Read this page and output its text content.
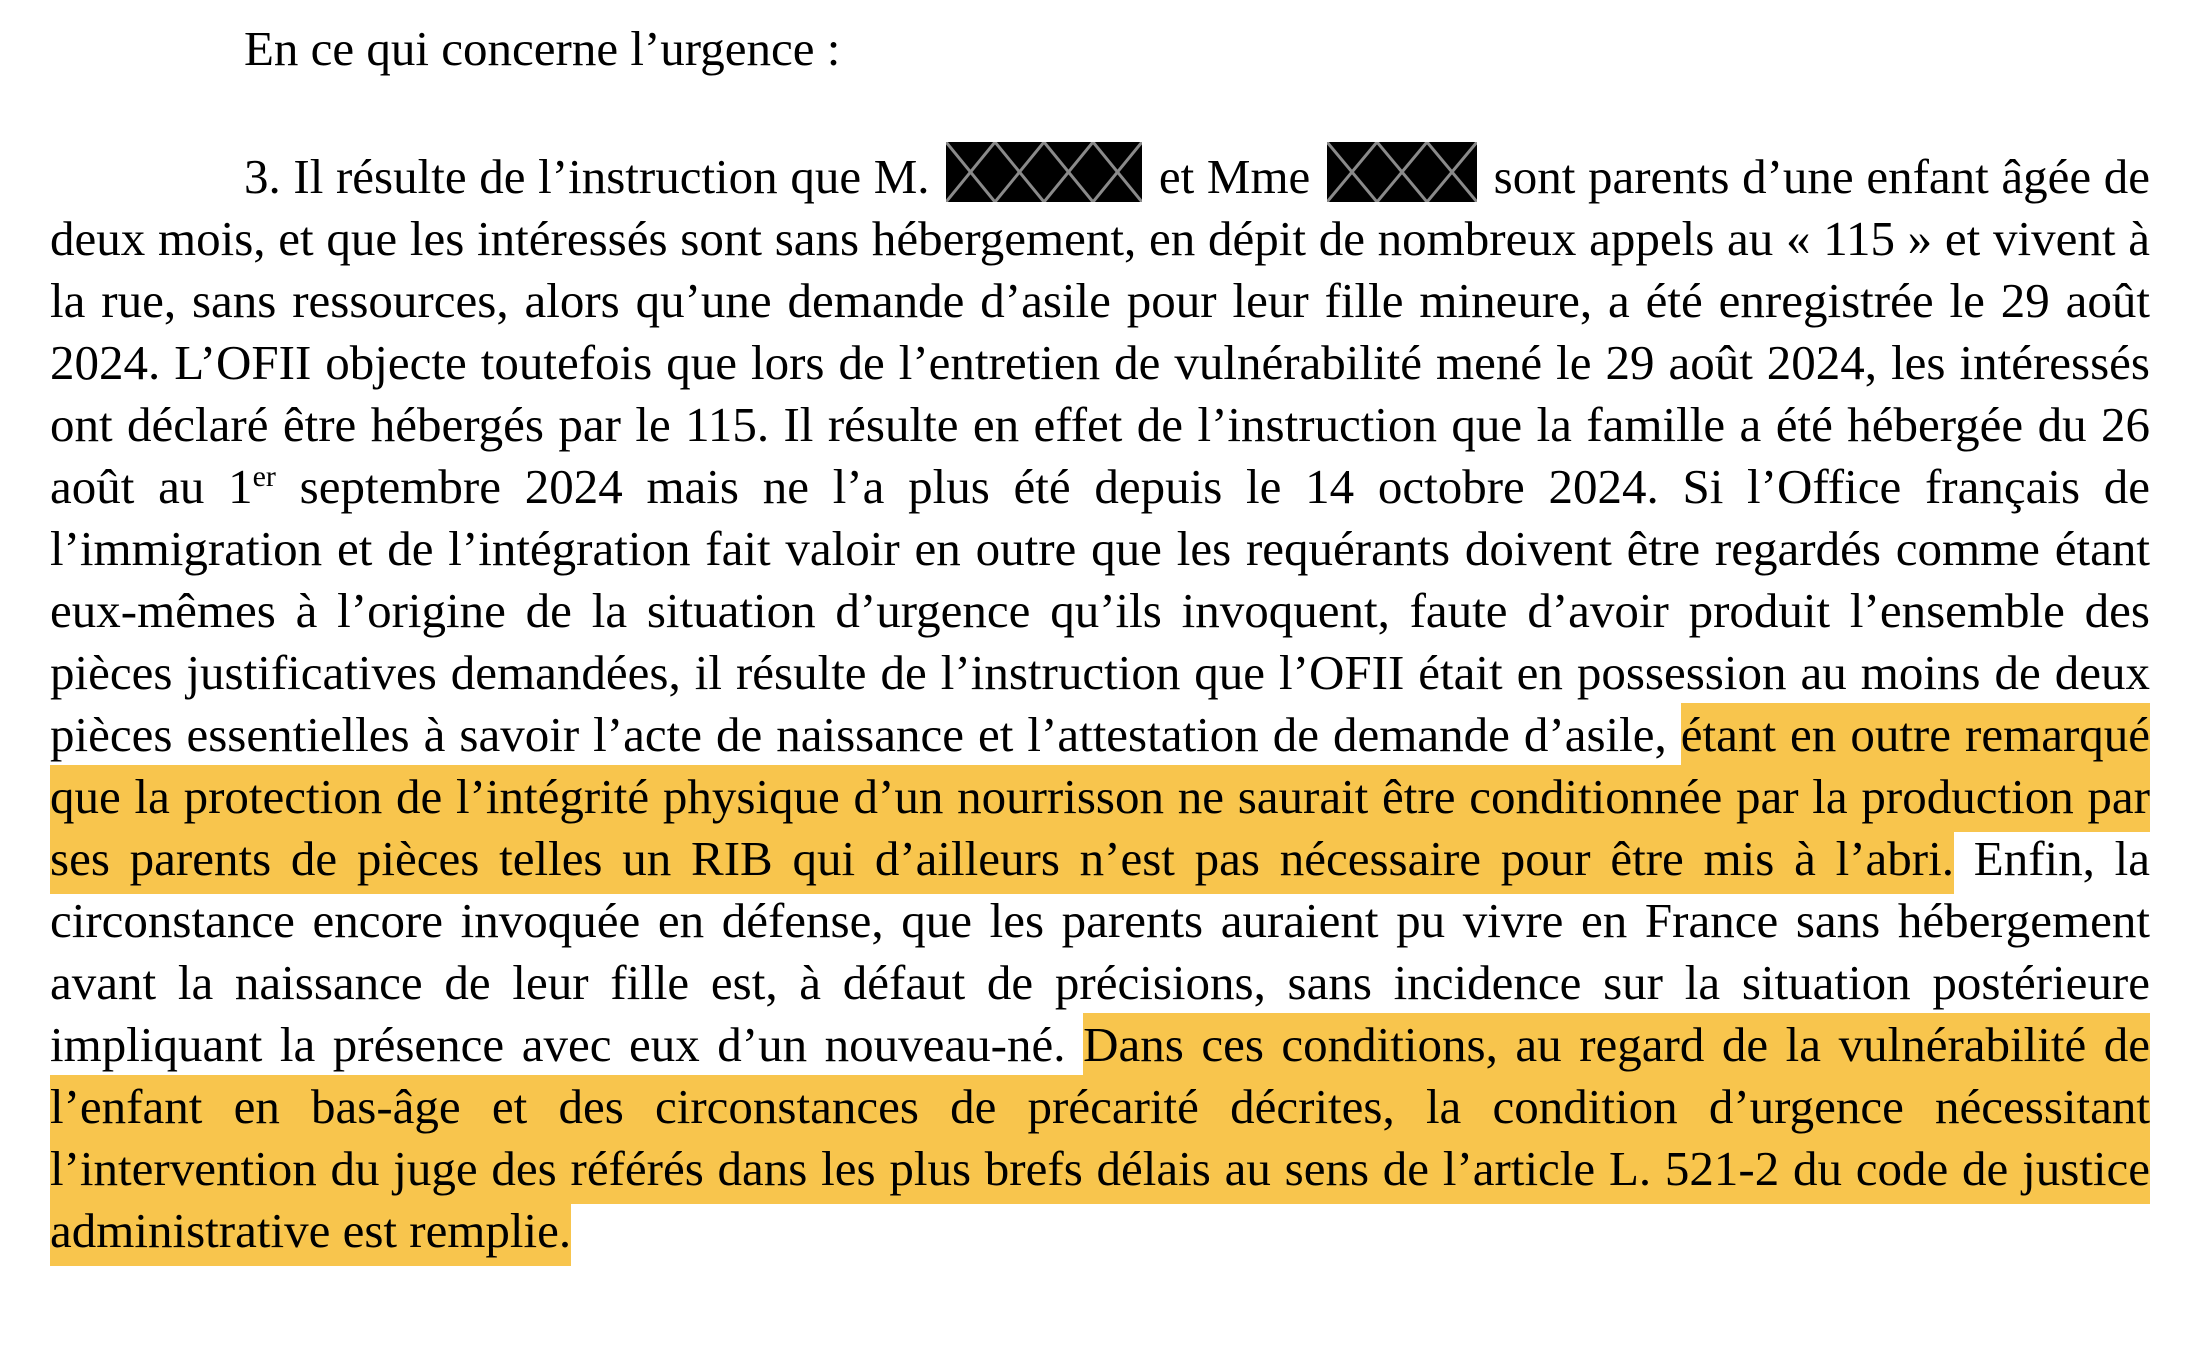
En ce qui concerne l’urgence :
3. Il résulte de l’instruction que M.	et Mme	sont parents d’une enfant âgée de deux mois, et que les intéressés sont sans hébergement, en dépit de nombreux appels au « 115 » et vivent à la rue, sans ressources, alors qu’une demande d’asile pour leur fille mineure, a été enregistrée le 29 août 2024. L’OFII objecte toutefois que lors de l’entretien de vulnérabilité mené le 29 août 2024, les intéressés ont déclaré être hébergés par le 115. Il résulte en effet de l’instruction que la famille a été hébergée du 26 août au 1er septembre 2024 mais ne l’a plus été depuis le 14 octobre 2024. Si l’Office français de l’immigration et de l’intégration fait valoir en outre que les requérants doivent être regardés comme étant eux-mêmes à l’origine de la situation d’urgence qu’ils invoquent, faute d’avoir produit l’ensemble des pièces justificatives demandées, il résulte de l’instruction que l’OFII était en possession au moins de deux pièces essentielles à savoir l’acte de naissance et l’attestation de demande d’asile, étant en outre remarqué que la protection de l’intégrité physique d’un nourrisson ne saurait être conditionnée par la production par ses parents de pièces telles un RIB qui d’ailleurs n’est pas nécessaire pour être mis à l’abri. Enfin, la circonstance encore invoquée en défense, que les parents auraient pu vivre en France sans hébergement avant la naissance de leur fille est, à défaut de précisions, sans incidence sur la situation postérieure impliquant la présence avec eux d’un nouveau-né. Dans ces conditions, au regard de la vulnérabilité de l’enfant en bas-âge et des circonstances de précarité décrites, la condition d’urgence nécessitant l’intervention du juge des référés dans les plus brefs délais au sens de l’article L. 521-2 du code de justice administrative est remplie.
